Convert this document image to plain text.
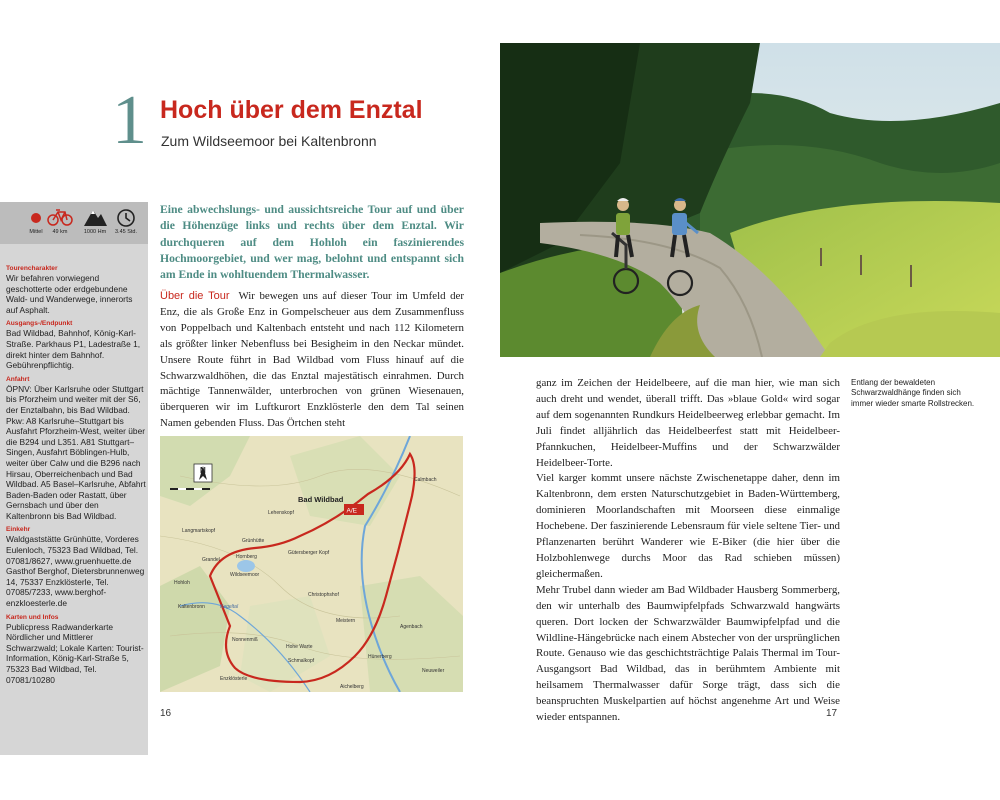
1 Hoch über dem Enztal
Zum Wildseemoor bei Kaltenbronn
Mittel	49 km	1000 Hm	3.45 Std.
Tourencharakter
Wir befahren vorwiegend geschotterte oder erdgebundene Wald- und Wanderwege, innerorts auf Asphalt.
Ausgangs-/Endpunkt
Bad Wildbad, Bahnhof, König-Karl-Straße. Parkhaus P1, Ladestraße 1, direkt hinter dem Bahnhof. Gebührenpflichtig.
Anfahrt
ÖPNV: Über Karlsruhe oder Stuttgart bis Pforzheim und weiter mit der S6, der Enztalbahn, bis Bad Wildbad. Pkw: A8 Karlsruhe–Stuttgart bis Ausfahrt Pforzheim-West, weiter über die B294 und L351. A81 Stuttgart–Singen, Ausfahrt Böblingen-Hulb, weiter über Calw und die B296 nach Hirsau, Oberreichenbach und Bad Wildbad. A5 Basel–Karlsruhe, Abfahrt Baden-Baden oder Rastatt, über Gernsbach und über den Kaltenbronn bis Bad Wildbad.
Einkehr
Waldgaststätte Grünhütte, Vorderes Eulenloch, 75323 Bad Wildbad, Tel. 07081/8627, www.gruenhuette.de Gasthof Berghof, Dietersbrunnenweg 14, 75337 Enzklösterle, Tel. 07085/7233, www.berghof-enzkloesterle.de
Karten und Infos
Publicpress Radwanderkarte Nördlicher und Mittlerer Schwarzwald; Lokale Karten: Tourist-Information, König-Karl-Straße 5, 75323 Bad Wildbad, Tel. 07081/10280

Eine abwechslungs- und aussichtsreiche Tour auf und über die Höhenzüge links und rechts über dem Enztal. Wir durchqueren auf dem Hohloh ein faszinierendes Hochmoorgebiet, und wer mag, belohnt und entspannt sich am Ende in wohltuendem Thermalwasser.

Über die Tour Wir bewegen uns auf dieser Tour im Umfeld der Enz, die als Große Enz in Gompelscheuer aus dem Zusammenfluss von Poppelbach und Kaltenbach entsteht und nach 112 Kilometern als größter linker Nebenfluss bei Besigheim in den Neckar mündet. Unsere Route führt in Bad Wildbad vom Fluss hinauf auf die Schwarzwaldhöhen, die das Enztal majestätisch einrahmen. Durch mächtige Tannenwälder, unterbrochen von grünen Wiesenauen, überqueren wir im Luftkurort Enzklösterle den dem Tal seinen Namen gebenden Fluss. Das Örtchen steht

A/E
N
Bad Wildbad
Calmbach
Langmartskopf
Lehenskopf
Grünhütte
Hornberg
Gütersberger Kopf
Wildseemoor
Grandel
Hohloh
Kaltenbronn
Christophshof
Nonnenmiß
Hohe Warte
Meistern
Agenbach
Schmalkopf
Enzklösterle
Hünerberg
Aichelberg
Neuweiler
Kegeltal
16

ganz im Zeichen der Heidelbeere, auf die man hier, wie man sich auch dreht und wendet, überall trifft. Das »blaue Gold« wird sogar auf dem sogenannten Rundkurs Heidelbeerweg erlebbar gemacht. Im Juli findet alljährlich das Heidelbeerfest statt mit Heidelbeer-Pfannkuchen, Heidelbeer-Muffins und der Schwarzwälder Heidelbeer-Torte.

Viel karger kommt unsere nächste Zwischenetappe daher, denn im Kaltenbronn, dem ersten Naturschutzgebiet in Baden-Württemberg, dominieren Moorlandschaften mit Moorseen diese einmalige Hochebene. Der faszinierende Lebensraum für viele seltene Tier- und Pflanzenarten berührt Wanderer wie E-Biker (die hier über die Holzbohlenwege durchs Moor das Rad schieben müssen) gleichermaßen.

Mehr Trubel dann wieder am Bad Wildbader Hausberg Sommerberg, den wir unterhalb des Baumwipfelpfads Schwarzwald hangwärts queren. Dort locken der Schwarzwälder Baumwipfelpfad und die Wildline-Hängebrücke nach einem Abstecher von der ursprünglichen Route. Genauso wie das geschichtsträchtige Palais Thermal im Tour-Ausgangsort Bad Wildbad, das in berühmtem Ambiente mit heilsamem Thermalwasser dafür Sorge trägt, dass sich die beanspruchten Muskelpartien auf höchst angenehme Art und Weise wieder entspannen.

Entlang der bewaldeten Schwarzwaldhänge finden sich immer wieder smarte Rollstrecken.
17
